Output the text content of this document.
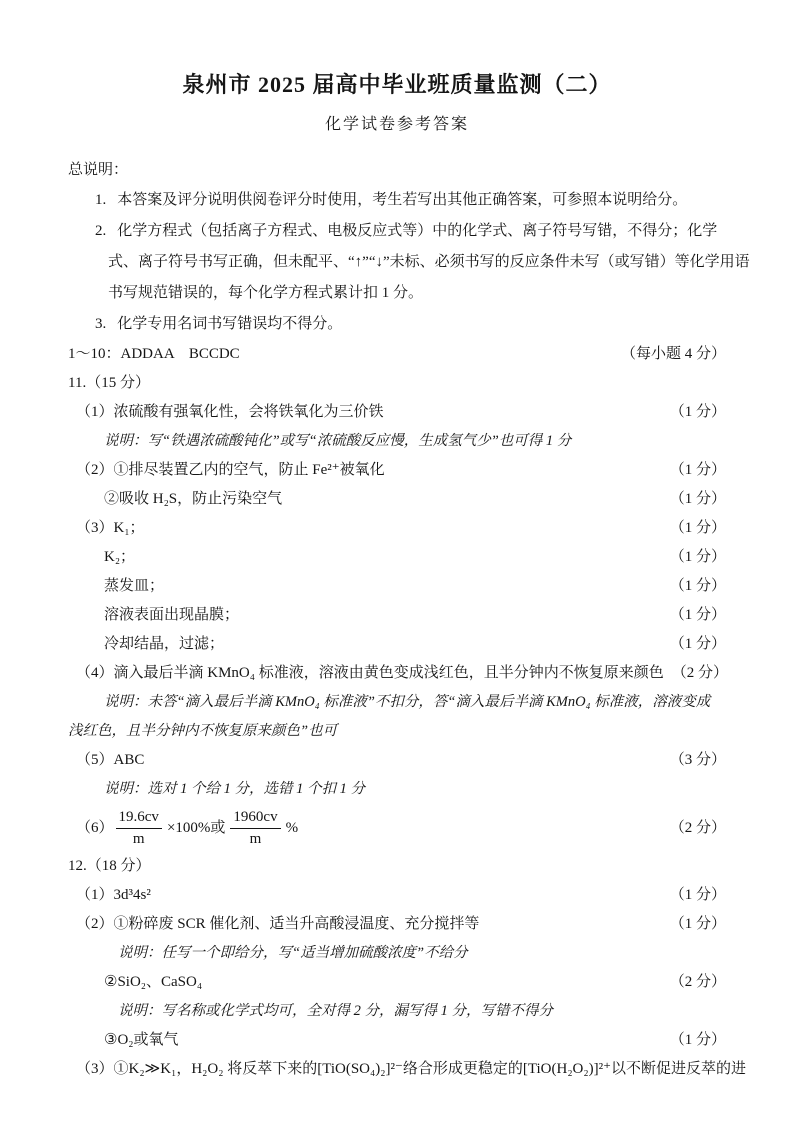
泉州市 2025 届高中毕业班质量监测（二）
化学试卷参考答案
总说明：
1. 本答案及评分说明供阅卷评分时使用，考生若写出其他正确答案，可参照本说明给分。
2. 化学方程式（包括离子方程式、电极反应式等）中的化学式、离子符号写错，不得分；化学
式、离子符号书写正确，但未配平、“↑”“↓”未标、必须书写的反应条件未写（或写错）等化学用语
书写规范错误的，每个化学方程式累计扣 1 分。
3. 化学专用名词书写错误均不得分。
1～10：ADDAA　BCCDC	（每小题 4 分）
11.（15 分）
（1）浓硫酸有强氧化性，会将铁氧化为三价铁	（1 分）
说明：写“铁遇浓硫酸钝化”或写“浓硫酸反应慢，生成氢气少”也可得 1 分
（2）①排尽装置乙内的空气，防止 Fe²⁺被氧化	（1 分）
②吸收 H₂S，防止污染空气	（1 分）
（3）K₁；	（1 分）
K₂；	（1 分）
蒸发皿；	（1 分）
溶液表面出现晶膜；	（1 分）
冷却结晶，过滤；	（1 分）
（4）滴入最后半滴 KMnO₄ 标准液，溶液由黄色变成浅红色，且半分钟内不恢复原来颜色 （2 分）
说明：未答“滴入最后半滴 KMnO₄ 标准液”不扣分，答“滴入最后半滴 KMnO₄ 标准液，溶液变成
浅红色，且半分钟内不恢复原来颜色”也可
（5）ABC	（3 分）
说明：选对 1 个给 1 分，选错 1 个扣 1 分
$(6) \frac{19.6cv}{m} \times 100\%$或 $\frac{1960cv}{m}$ %	（2 分）
12.（18 分）
（1）3d³4s²	（1 分）
（2）①粉碎废 SCR 催化剂、适当升高酸浸温度、充分搅拌等	（1 分）
说明：任写一个即给分，写“适当增加硫酸浓度”不给分
②SiO₂、CaSO₄	（2 分）
说明：写名称或化学式均可，全对得 2 分，漏写得 1 分，写错不得分
③O₂或氧气	（1 分）
（3）①K₂≫K₁，H₂O₂ 将反萃下来的[TiO(SO₄)₂]²⁻络合形成更稳定的[TiO(H₂O₂)]²⁺以不断促进反萃的进
